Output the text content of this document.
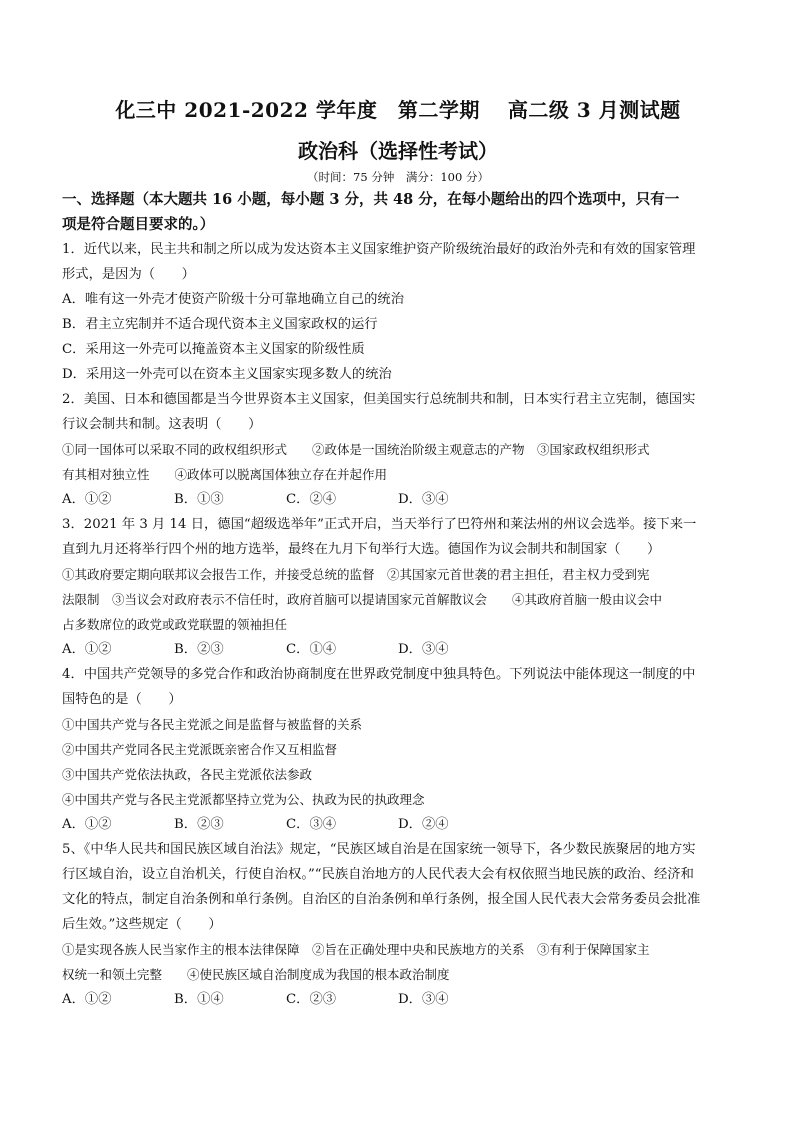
化三中 2021-2022 学年度　第二学期　 高二级 3 月测试题
政治科（选择性考试）
（时间：75 分钟　满分：100 分）
一、选择题（本大题共 16 小题，每小题 3 分，共 48 分，在每小题给出的四个选项中，只有一
项是符合题目要求的。）
1．近代以来，民主共和制之所以成为发达资本主义国家维护资产阶级统治最好的政治外壳和有效的国家管理
形式，是因为（　　）
A．唯有这一外壳才使资产阶级十分可靠地确立自己的统治
B．君主立宪制并不适合现代资本主义国家政权的运行
C．采用这一外壳可以掩盖资本主义国家的阶级性质
D．采用这一外壳可以在资本主义国家实现多数人的统治
2．美国、日本和德国都是当今世界资本主义国家，但美国实行总统制共和制，日本实行君主立宪制，德国实
行议会制共和制。这表明（　　）
①同一国体可以采取不同的政权组织形式　　②政体是一国统治阶级主观意志的产物　③国家政权组织形式
有其相对独立性　　④政体可以脱离国体独立存在并起作用
A．①②	B．①③	C．②④	D．③④
3．2021 年 3 月 14 日，德国“超级选举年”正式开启，当天举行了巴符州和莱法州的州议会选举。接下来一
直到九月还将举行四个州的地方选举，最终在九月下旬举行大选。德国作为议会制共和制国家（　　）
①其政府要定期向联邦议会报告工作，并接受总统的监督　②其国家元首世袭的君主担任，君主权力受到宪
法限制　③当议会对政府表示不信任时，政府首脑可以提请国家元首解散议会　　④其政府首脑一般由议会中
占多数席位的政党或政党联盟的领袖担任
A．①②	B．②③	C．①④	D．③④
4．中国共产党领导的多党合作和政治协商制度在世界政党制度中独具特色。下列说法中能体现这一制度的中
国特色的是（　　）
①中国共产党与各民主党派之间是监督与被监督的关系
②中国共产党同各民主党派既亲密合作又互相监督
③中国共产党依法执政，各民主党派依法参政
④中国共产党与各民主党派都坚持立党为公、执政为民的执政理念
A．①②	B．②③	C．③④	D．②④
5、《中华人民共和国民族区域自治法》规定，“民族区域自治是在国家统一领导下，各少数民族聚居的地方实
行区域自治，设立自治机关，行使自治权。”“民族自治地方的人民代表大会有权依照当地民族的政治、经济和
文化的特点，制定自治条例和单行条例。自治区的自治条例和单行条例，报全国人民代表大会常务委员会批准
后生效。”这些规定（　　）
①是实现各族人民当家作主的根本法律保障　②旨在正确处理中央和民族地方的关系　③有利于保障国家主
权统一和领土完整　　④使民族区域自治制度成为我国的根本政治制度
A．①②	B．①④	C．②③	D．③④
